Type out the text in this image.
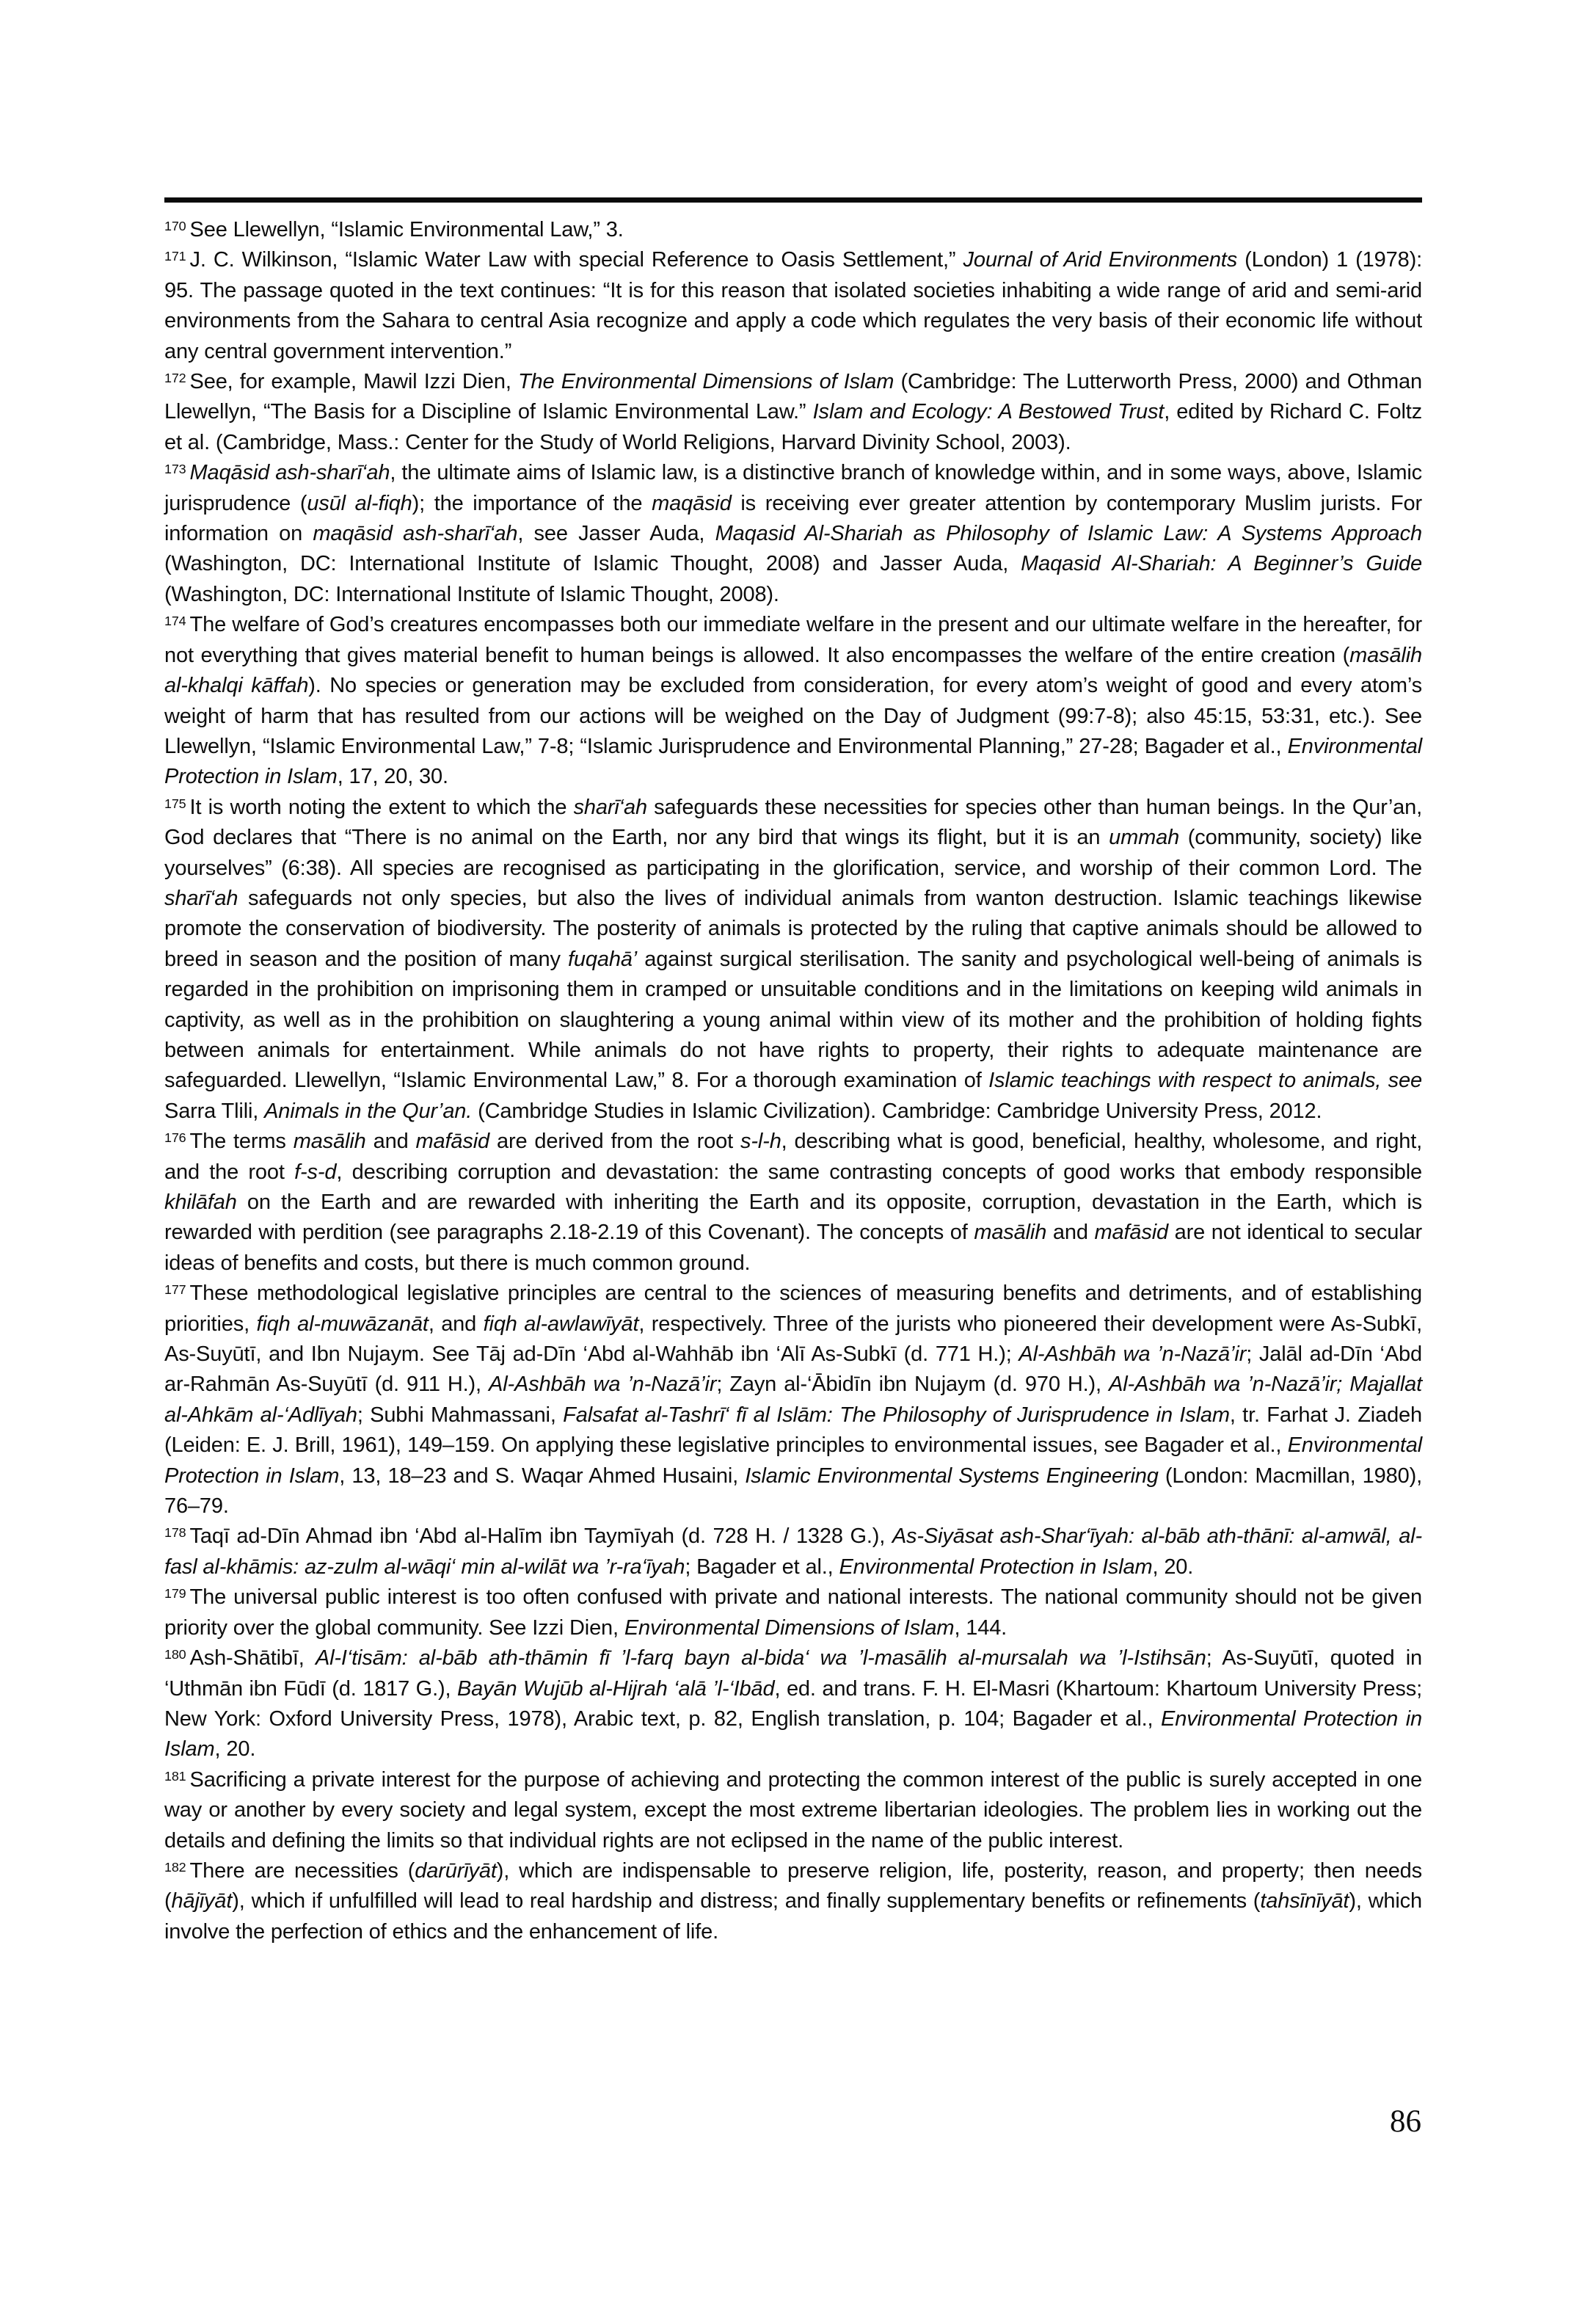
$^{170}$ See Llewellyn, “Islamic Environmental Law,” 3.

$^{171}$ J. C. Wilkinson, “Islamic Water Law with special Reference to Oasis Settlement,” Journal of Arid Environments (London) 1 (1978): 95. The passage quoted in the text continues: “It is for this reason that isolated societies inhabiting a wide range of arid and semi-arid environments from the Sahara to central Asia recognize and apply a code which regulates the very basis of their economic life without any central government intervention.”

$^{172}$ See, for example, Mawil Izzi Dien, The Environmental Dimensions of Islam (Cambridge: The Lutterworth Press, 2000) and Othman Llewellyn, “The Basis for a Discipline of Islamic Environmental Law.” Islam and Ecology: A Bestowed Trust, edited by Richard C. Foltz et al. (Cambridge, Mass.: Center for the Study of World Religions, Harvard Divinity School, 2003).

$^{173}$ Maqāsid ash-sharī‘ah, the ultimate aims of Islamic law, is a distinctive branch of knowledge within, and in some ways, above, Islamic jurisprudence (usūl al-fiqh); the importance of the maqāsid is receiving ever greater attention by contemporary Muslim jurists. For information on maqāsid ash-sharī‘ah, see Jasser Auda, Maqasid Al-Shariah as Philosophy of Islamic Law: A Systems Approach (Washington, DC: International Institute of Islamic Thought, 2008) and Jasser Auda, Maqasid Al-Shariah: A Beginner’s Guide (Washington, DC: International Institute of Islamic Thought, 2008).

$^{174}$ The welfare of God’s creatures encompasses both our immediate welfare in the present and our ultimate welfare in the hereafter, for not everything that gives material benefit to human beings is allowed. It also encompasses the welfare of the entire creation (masālih al-khalqi kāffah). No species or generation may be excluded from consideration, for every atom’s weight of good and every atom’s weight of harm that has resulted from our actions will be weighed on the Day of Judgment (99:7-8); also 45:15, 53:31, etc.). See Llewellyn, “Islamic Environmental Law,” 7-8; “Islamic Jurisprudence and Environmental Planning,” 27-28; Bagader et al., Environmental Protection in Islam, 17, 20, 30.

$^{175}$ It is worth noting the extent to which the sharī‘ah safeguards these necessities for species other than human beings. In the Qur’an, God declares that “There is no animal on the Earth, nor any bird that wings its flight, but it is an ummah (community, society) like yourselves” (6:38). All species are recognised as participating in the glorification, service, and worship of their common Lord. The sharī‘ah safeguards not only species, but also the lives of individual animals from wanton destruction. Islamic teachings likewise promote the conservation of biodiversity. The posterity of animals is protected by the ruling that captive animals should be allowed to breed in season and the position of many fuqahā’ against surgical sterilisation. The sanity and psychological well-being of animals is regarded in the prohibition on imprisoning them in cramped or unsuitable conditions and in the limitations on keeping wild animals in captivity, as well as in the prohibition on slaughtering a young animal within view of its mother and the prohibition of holding fights between animals for entertainment. While animals do not have rights to property, their rights to adequate maintenance are safeguarded. Llewellyn, “Islamic Environmental Law,” 8. For a thorough examination of Islamic teachings with respect to animals, see Sarra Tlili, Animals in the Qur’an. (Cambridge Studies in Islamic Civilization). Cambridge: Cambridge University Press, 2012.

$^{176}$ The terms masālih and mafāsid are derived from the root s-l-h, describing what is good, beneficial, healthy, wholesome, and right, and the root f-s-d, describing corruption and devastation: the same contrasting concepts of good works that embody responsible khilāfah on the Earth and are rewarded with inheriting the Earth and its opposite, corruption, devastation in the Earth, which is rewarded with perdition (see paragraphs 2.18-2.19 of this Covenant). The concepts of masālih and mafāsid are not identical to secular ideas of benefits and costs, but there is much common ground.

$^{177}$ These methodological legislative principles are central to the sciences of measuring benefits and detriments, and of establishing priorities, fiqh al-muwāzanāt, and fiqh al-awlawīyāt, respectively. Three of the jurists who pioneered their development were As-Subkī, As-Suyūtī, and Ibn Nujaym. See Tāj ad-Dīn ‘Abd al-Wahhāb ibn ‘Alī As-Subkī (d. 771 H.); Al-Ashbāh wa ’n-Nazā’ir; Jalāl ad-Dīn ‘Abd ar-Rahmān As-Suyūtī (d. 911 H.), Al-Ashbāh wa ’n-Nazā’ir; Zayn al-‘Ābidīn ibn Nujaym (d. 970 H.), Al-Ashbāh wa ’n-Nazā’ir; Majallat al-Ahkām al-‘Adlīyah; Subhi Mahmassani, Falsafat al-Tashrī‘ fī al Islām: The Philosophy of Jurisprudence in Islam, tr. Farhat J. Ziadeh (Leiden: E. J. Brill, 1961), 149–159. On applying these legislative principles to environmental issues, see Bagader et al., Environmental Protection in Islam, 13, 18–23 and S. Waqar Ahmed Husaini, Islamic Environmental Systems Engineering (London: Macmillan, 1980), 76–79.

$^{178}$ Taqī ad-Dīn Ahmad ibn ‘Abd al-Halīm ibn Taymīyah (d. 728 H. / 1328 G.), As-Siyāsat ash-Shar‘īyah: al-bāb ath-thānī: al-amwāl, al-fasl al-khāmis: az-zulm al-wāqi‘ min al-wilāt wa ’r-ra‘īyah; Bagader et al., Environmental Protection in Islam, 20.

$^{179}$ The universal public interest is too often confused with private and national interests. The national community should not be given priority over the global community. See Izzi Dien, Environmental Dimensions of Islam, 144.

$^{180}$ Ash-Shātibī, Al-I‘tisām: al-bāb ath-thāmin fī ’l-farq bayn al-bida‘ wa ’l-masālih al-mursalah wa ’l-Istihsān; As-Suyūtī, quoted in ‘Uthmān ibn Fūdī (d. 1817 G.), Bayān Wujūb al-Hijrah ‘alā ’l-‘Ibād, ed. and trans. F. H. El-Masri (Khartoum: Khartoum University Press; New York: Oxford University Press, 1978), Arabic text, p. 82, English translation, p. 104; Bagader et al., Environmental Protection in Islam, 20.

$^{181}$ Sacrificing a private interest for the purpose of achieving and protecting the common interest of the public is surely accepted in one way or another by every society and legal system, except the most extreme libertarian ideologies. The problem lies in working out the details and defining the limits so that individual rights are not eclipsed in the name of the public interest.

$^{182}$ There are necessities (darūrīyāt), which are indispensable to preserve religion, life, posterity, reason, and property; then needs (hājīyāt), which if unfulfilled will lead to real hardship and distress; and finally supplementary benefits or refinements (tahsīnīyāt), which involve the perfection of ethics and the enhancement of life.

86
